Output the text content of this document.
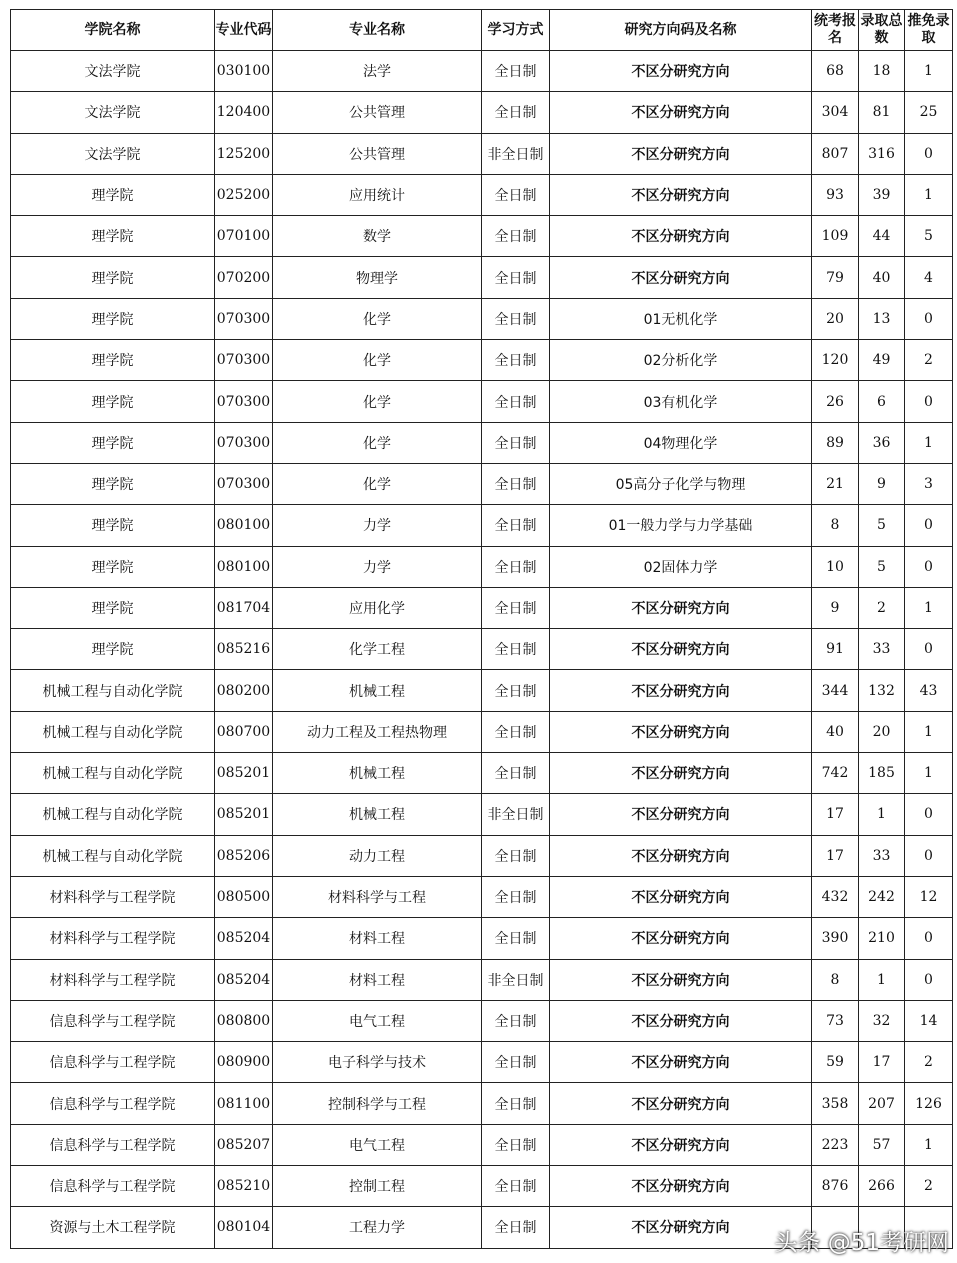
学院名称	专业代码	专业名称	学习方式	研究方向码及名称	统考报名	录取总数	推免录取
文法学院	030100	法学	全日制	不区分研究方向	68	18	1
文法学院	120400	公共管理	全日制	不区分研究方向	304	81	25
文法学院	125200	公共管理	非全日制	不区分研究方向	807	316	0
理学院	025200	应用统计	全日制	不区分研究方向	93	39	1
理学院	070100	数学	全日制	不区分研究方向	109	44	5
理学院	070200	物理学	全日制	不区分研究方向	79	40	4
理学院	070300	化学	全日制	01无机化学	20	13	0
理学院	070300	化学	全日制	02分析化学	120	49	2
理学院	070300	化学	全日制	03有机化学	26	6	0
理学院	070300	化学	全日制	04物理化学	89	36	1
理学院	070300	化学	全日制	05高分子化学与物理	21	9	3
理学院	080100	力学	全日制	01一般力学与力学基础	8	5	0
理学院	080100	力学	全日制	02固体力学	10	5	0
理学院	081704	应用化学	全日制	不区分研究方向	9	2	1
理学院	085216	化学工程	全日制	不区分研究方向	91	33	0
机械工程与自动化学院	080200	机械工程	全日制	不区分研究方向	344	132	43
机械工程与自动化学院	080700	动力工程及工程热物理	全日制	不区分研究方向	40	20	1
机械工程与自动化学院	085201	机械工程	全日制	不区分研究方向	742	185	1
机械工程与自动化学院	085201	机械工程	非全日制	不区分研究方向	17	1	0
机械工程与自动化学院	085206	动力工程	全日制	不区分研究方向	17	33	0
材料科学与工程学院	080500	材料科学与工程	全日制	不区分研究方向	432	242	12
材料科学与工程学院	085204	材料工程	全日制	不区分研究方向	390	210	0
材料科学与工程学院	085204	材料工程	非全日制	不区分研究方向	8	1	0
信息科学与工程学院	080800	电气工程	全日制	不区分研究方向	73	32	14
信息科学与工程学院	080900	电子科学与技术	全日制	不区分研究方向	59	17	2
信息科学与工程学院	081100	控制科学与工程	全日制	不区分研究方向	358	207	126
信息科学与工程学院	085207	电气工程	全日制	不区分研究方向	223	57	1
信息科学与工程学院	085210	控制工程	全日制	不区分研究方向	876	266	2
资源与土木工程学院	080104	工程力学	全日制	不区分研究方向			
头条 @51考研网
